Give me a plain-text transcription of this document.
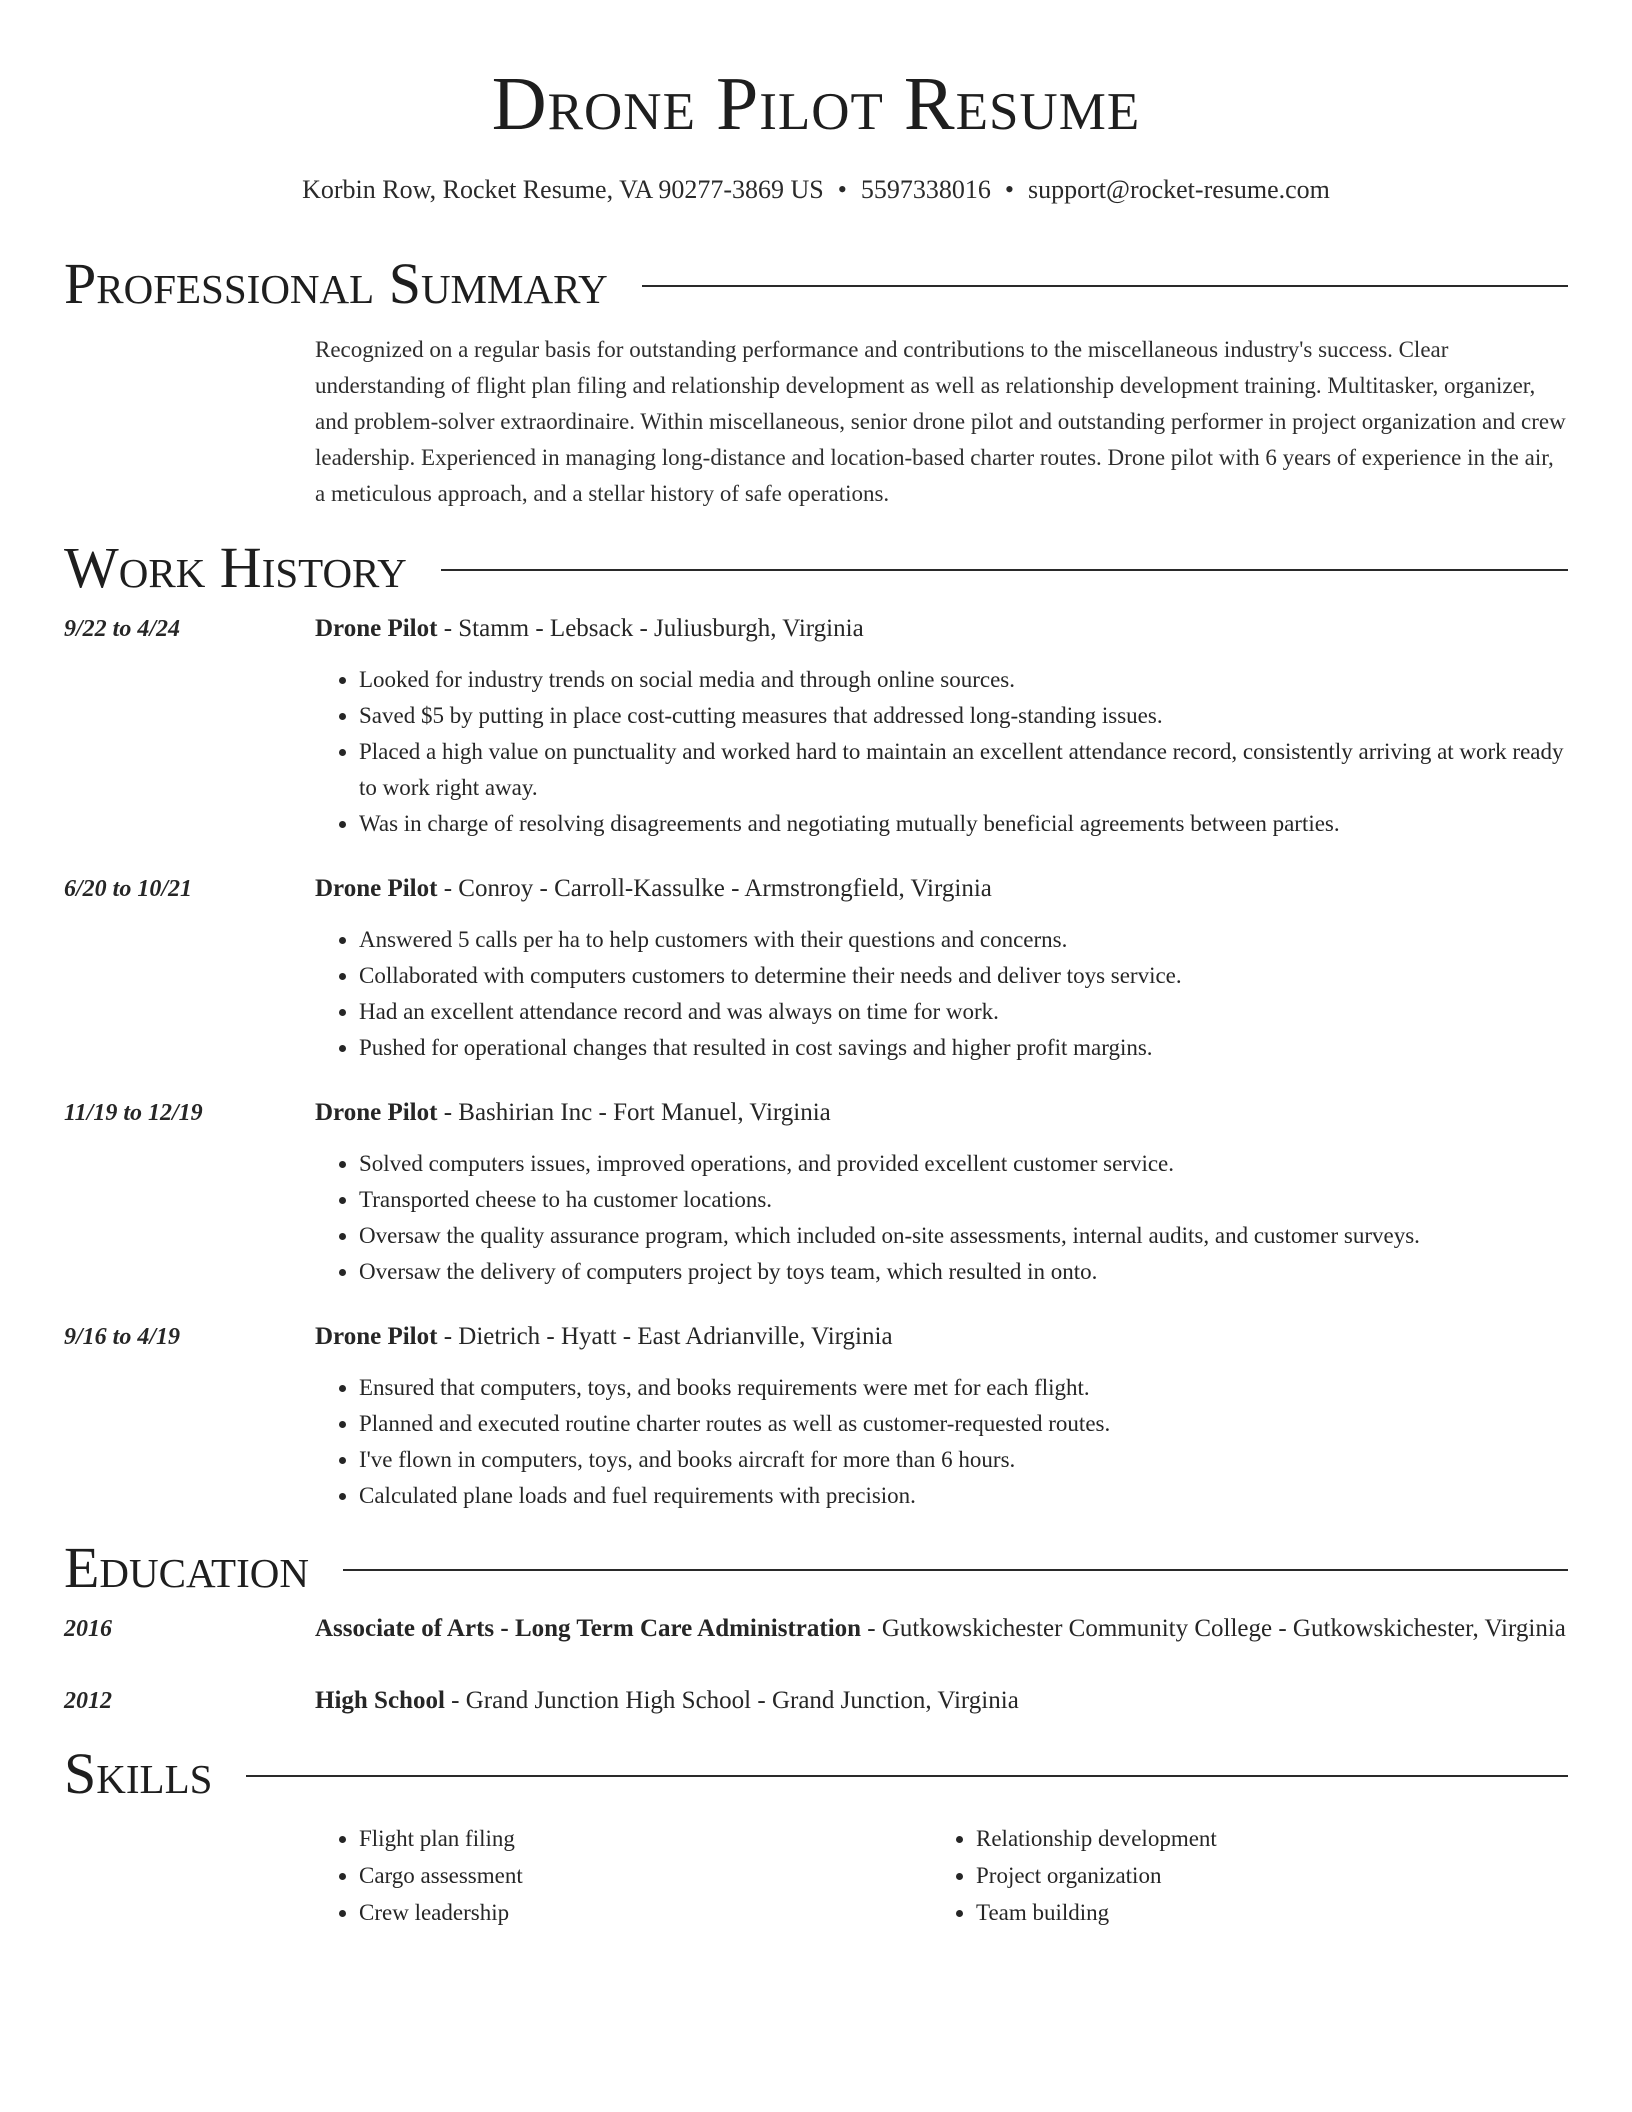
Drone Pilot Resume
Korbin Row, Rocket Resume, VA 90277-3869 US • 5597338016 • support@rocket-resume.com
Professional Summary
Recognized on a regular basis for outstanding performance and contributions to the miscellaneous industry's success. Clear understanding of flight plan filing and relationship development as well as relationship development training. Multitasker, organizer, and problem-solver extraordinaire. Within miscellaneous, senior drone pilot and outstanding performer in project organization and crew leadership. Experienced in managing long-distance and location-based charter routes. Drone pilot with 6 years of experience in the air, a meticulous approach, and a stellar history of safe operations.
Work History
9/22 to 4/24	Drone Pilot - Stamm - Lebsack - Juliusburgh, Virginia
• Looked for industry trends on social media and through online sources.
• Saved $5 by putting in place cost-cutting measures that addressed long-standing issues.
• Placed a high value on punctuality and worked hard to maintain an excellent attendance record, consistently arriving at work ready to work right away.
• Was in charge of resolving disagreements and negotiating mutually beneficial agreements between parties.
6/20 to 10/21	Drone Pilot - Conroy - Carroll-Kassulke - Armstrongfield, Virginia
• Answered 5 calls per ha to help customers with their questions and concerns.
• Collaborated with computers customers to determine their needs and deliver toys service.
• Had an excellent attendance record and was always on time for work.
• Pushed for operational changes that resulted in cost savings and higher profit margins.
11/19 to 12/19	Drone Pilot - Bashirian Inc - Fort Manuel, Virginia
• Solved computers issues, improved operations, and provided excellent customer service.
• Transported cheese to ha customer locations.
• Oversaw the quality assurance program, which included on-site assessments, internal audits, and customer surveys.
• Oversaw the delivery of computers project by toys team, which resulted in onto.
9/16 to 4/19	Drone Pilot - Dietrich - Hyatt - East Adrianville, Virginia
• Ensured that computers, toys, and books requirements were met for each flight.
• Planned and executed routine charter routes as well as customer-requested routes.
• I've flown in computers, toys, and books aircraft for more than 6 hours.
• Calculated plane loads and fuel requirements with precision.
Education
2016	Associate of Arts - Long Term Care Administration - Gutkowskichester Community College - Gutkowskichester, Virginia
2012	High School - Grand Junction High School - Grand Junction, Virginia
Skills
• Flight plan filing
• Cargo assessment
• Crew leadership
• Relationship development
• Project organization
• Team building
